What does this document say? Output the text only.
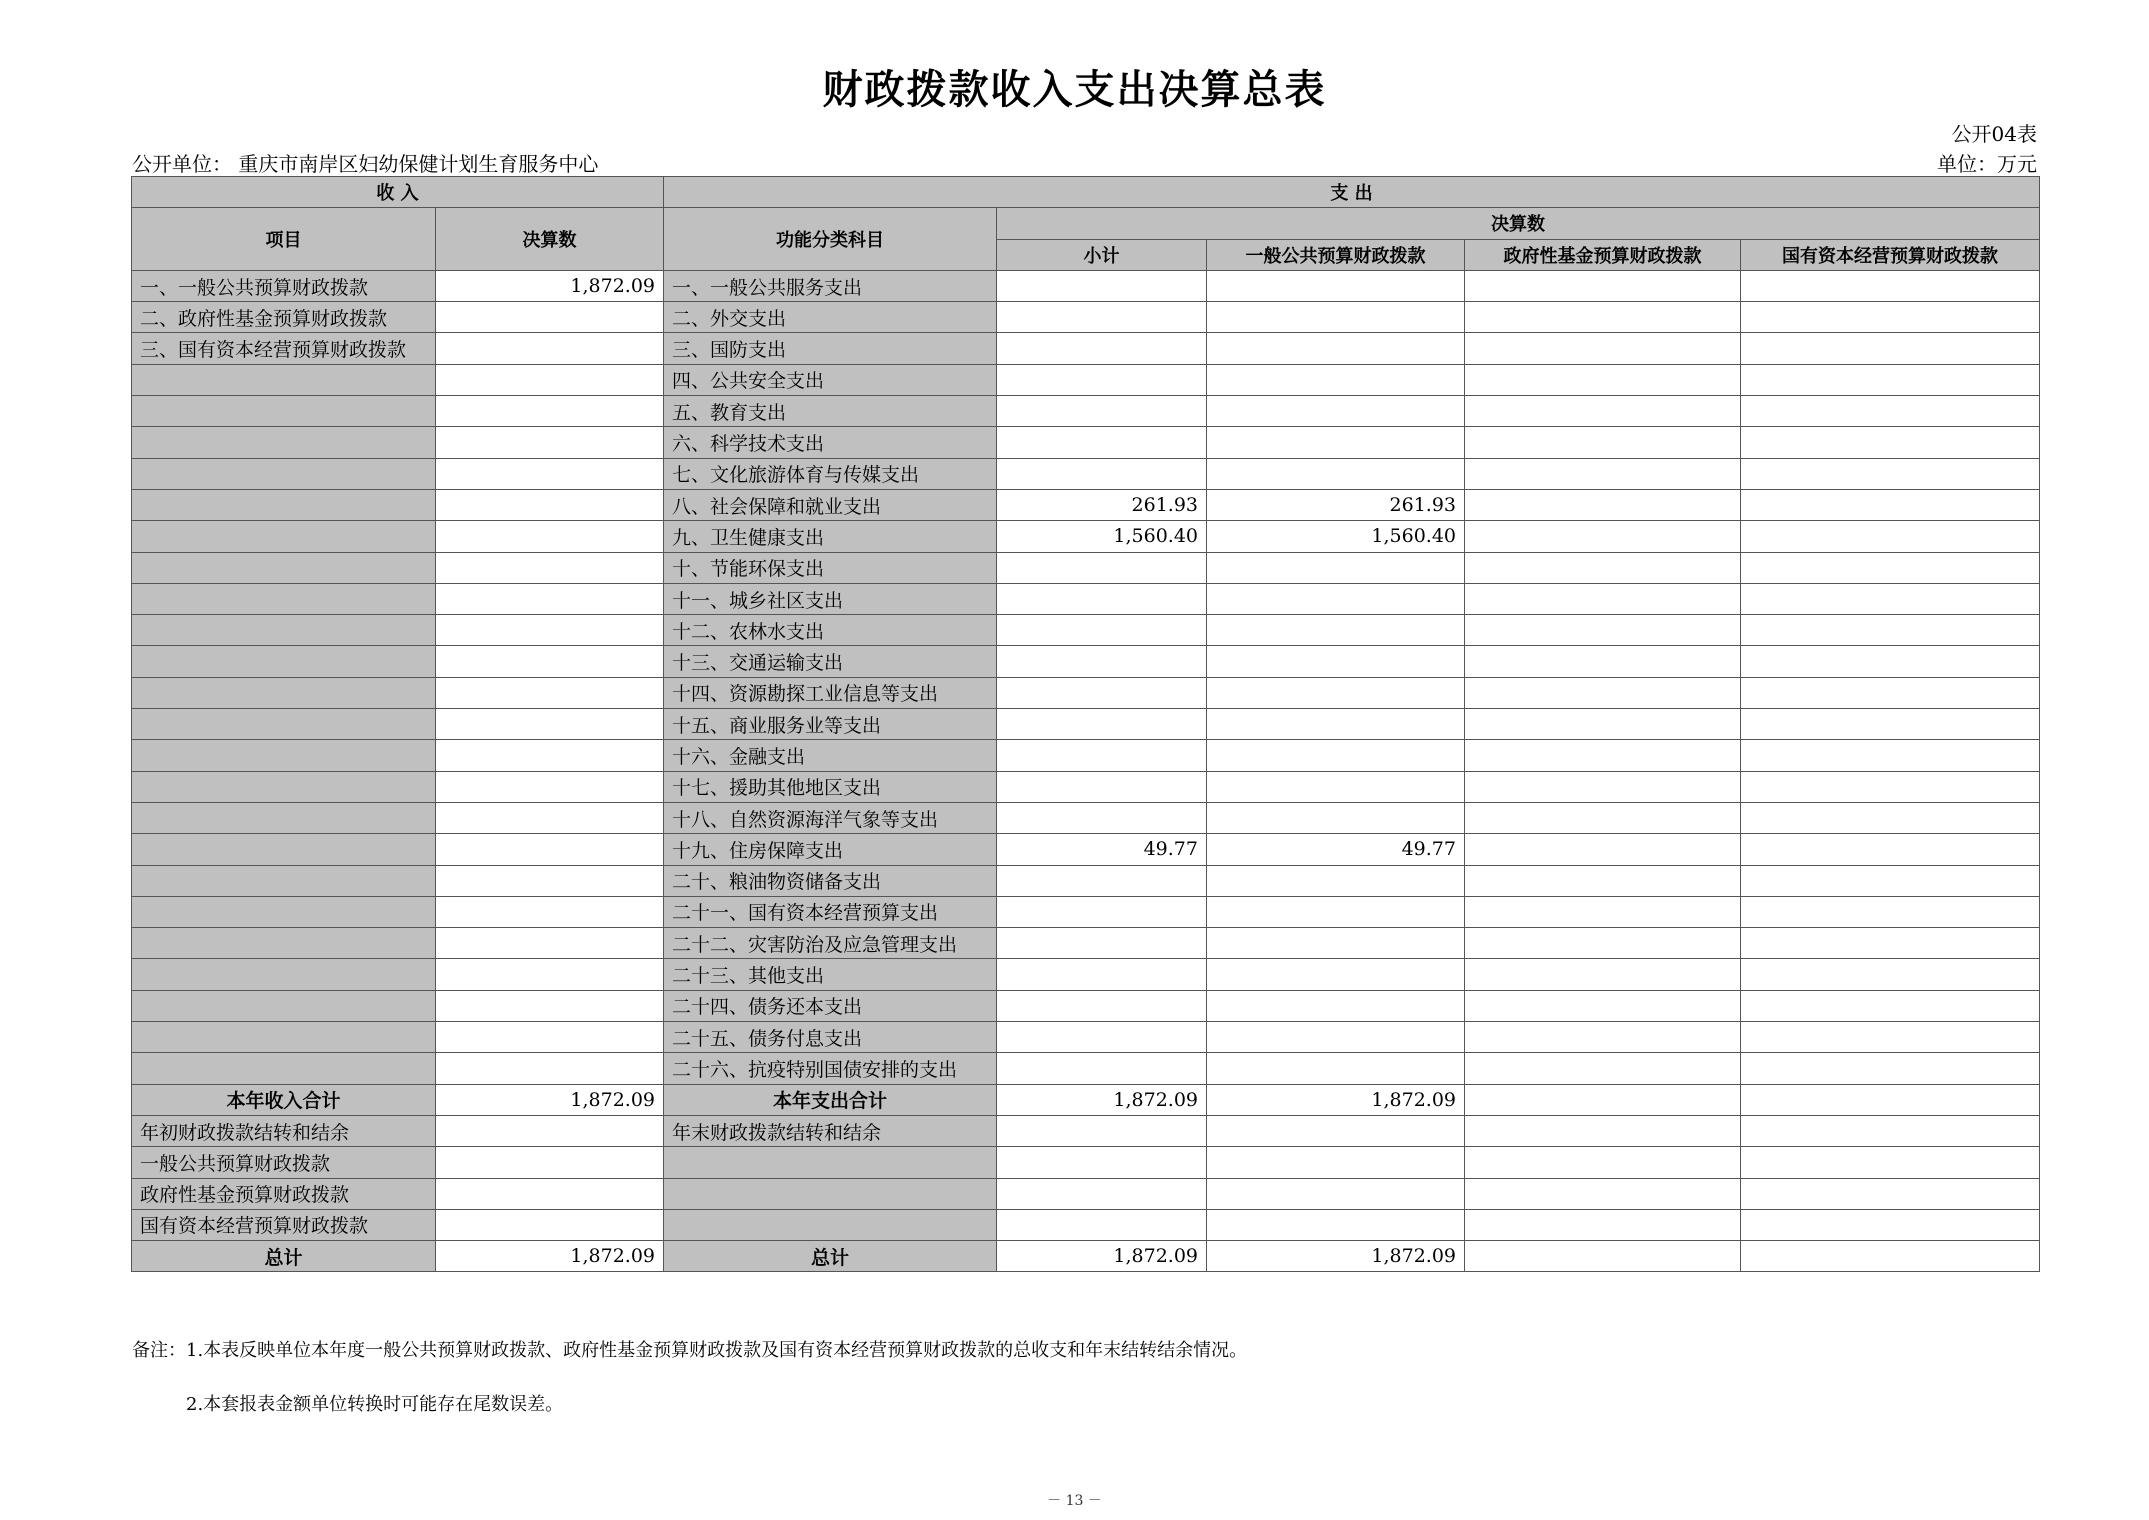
财政拨款收入支出决算总表
公开04表
公开单位： 重庆市南岸区妇幼保健计划生育服务中心	单位：万元
收 入		支 出				
项目	决算数	功能分类科目	决算数			
			小计	一般公共预算财政拨款	政府性基金预算财政拨款	国有资本经营预算财政拨款
一、一般公共预算财政拨款	1,872.09	一、一般公共服务支出				
二、政府性基金预算财政拨款		二、外交支出				
三、国有资本经营预算财政拨款		三、国防支出				
		四、公共安全支出				
		五、教育支出				
		六、科学技术支出				
		七、文化旅游体育与传媒支出				
		八、社会保障和就业支出	261.93	261.93		
		九、卫生健康支出	1,560.40	1,560.40		
		十、节能环保支出				
		十一、城乡社区支出				
		十二、农林水支出				
		十三、交通运输支出				
		十四、资源勘探工业信息等支出				
		十五、商业服务业等支出				
		十六、金融支出				
		十七、援助其他地区支出				
		十八、自然资源海洋气象等支出				
		十九、住房保障支出	49.77	49.77		
		二十、粮油物资储备支出				
		二十一、国有资本经营预算支出				
		二十二、灾害防治及应急管理支出				
		二十三、其他支出				
		二十四、债务还本支出				
		二十五、债务付息支出				
		二十六、抗疫特别国债安排的支出				
本年收入合计	1,872.09	本年支出合计	1,872.09	1,872.09		
年初财政拨款结转和结余		年末财政拨款结转和结余				
一般公共预算财政拨款						
政府性基金预算财政拨款						
国有资本经营预算财政拨款						
总计	1,872.09	总计	1,872.09	1,872.09		
备注：1.本表反映单位本年度一般公共预算财政拨款、政府性基金预算财政拨款及国有资本经营预算财政拨款的总收支和年末结转结余情况。
2.本套报表金额单位转换时可能存在尾数误差。
－ 13 －
